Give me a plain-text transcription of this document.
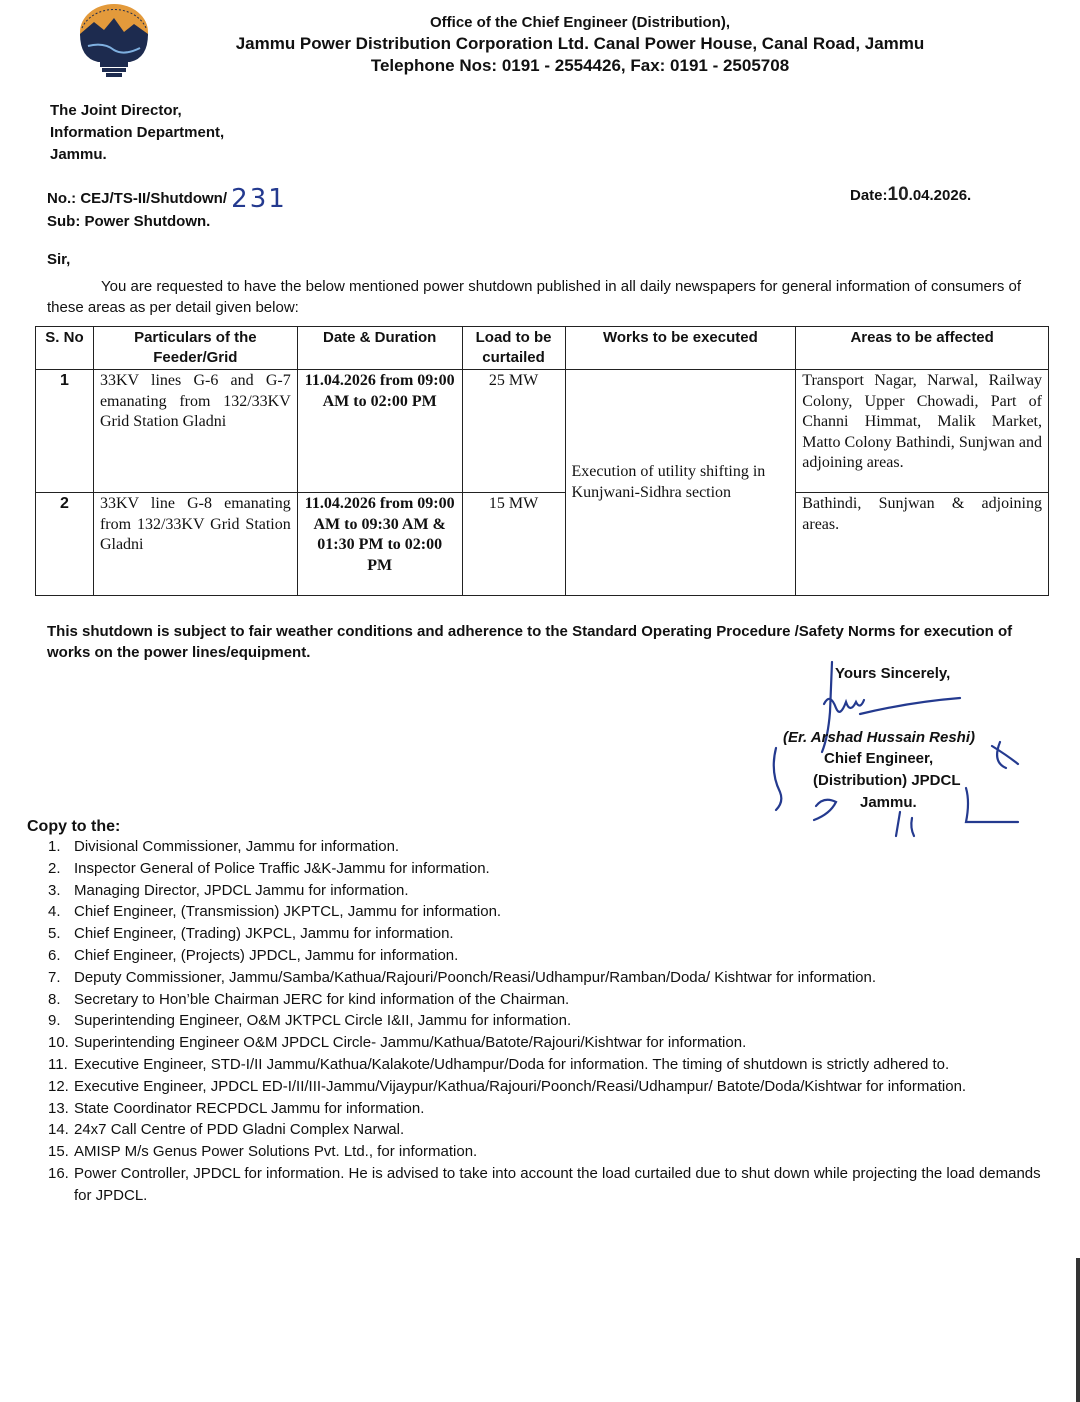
Office of the Chief Engineer (Distribution),
Jammu Power Distribution Corporation Ltd. Canal Power House, Canal Road, Jammu
Telephone Nos: 0191 - 2554426, Fax: 0191 - 2505708
The Joint Director,
Information Department,
Jammu.
No.: CEJ/TS-II/Shutdown/ 231	Date:10.04.2026.
Sub: Power Shutdown.
Sir,
You are requested to have the below mentioned power shutdown published in all daily newspapers for general information of consumers of these areas as per detail given below:
S. No	Particulars of the Feeder/Grid	Date & Duration	Load to be curtailed	Works to be executed	Areas to be affected
1	33KV lines G-6 and G-7 emanating from 132/33KV Grid Station Gladni	11.04.2026 from 09:00 AM to 02:00 PM	25 MW	Execution of utility shifting in Kunjwani-Sidhra section	Transport Nagar, Narwal, Railway Colony, Upper Chowadi, Part of Channi Himmat, Malik Market, Matto Colony Bathindi, Sunjwan and adjoining areas.
2	33KV line G-8 emanating from 132/33KV Grid Station Gladni	11.04.2026 from 09:00 AM to 09:30 AM & 01:30 PM to 02:00 PM	15 MW		Bathindi, Sunjwan & adjoining areas.
This shutdown is subject to fair weather conditions and adherence to the Standard Operating Procedure /Safety Norms for execution of works on the power lines/equipment.
Yours Sincerely,
(Er. Arshad Hussain Reshi)
Chief Engineer,
(Distribution) JPDCL
Jammu.
Copy to the:
1. Divisional Commissioner, Jammu for information.
2. Inspector General of Police Traffic J&K-Jammu for information.
3. Managing Director, JPDCL Jammu for information.
4. Chief Engineer, (Transmission) JKPTCL, Jammu for information.
5. Chief Engineer, (Trading) JKPCL, Jammu for information.
6. Chief Engineer, (Projects) JPDCL, Jammu for information.
7. Deputy Commissioner, Jammu/Samba/Kathua/Rajouri/Poonch/Reasi/Udhampur/Ramban/Doda/ Kishtwar for information.
8. Secretary to Hon’ble Chairman JERC for kind information of the Chairman.
9. Superintending Engineer, O&M JKTPCL Circle I&II, Jammu for information.
10. Superintending Engineer O&M JPDCL Circle- Jammu/Kathua/Batote/Rajouri/Kishtwar for information.
11. Executive Engineer, STD-I/II Jammu/Kathua/Kalakote/Udhampur/Doda for information. The timing of shutdown is strictly adhered to.
12. Executive Engineer, JPDCL ED-I/II/III-Jammu/Vijaypur/Kathua/Rajouri/Poonch/Reasi/Udhampur/ Batote/Doda/Kishtwar for information.
13. State Coordinator RECPDCL Jammu for information.
14. 24x7 Call Centre of PDD Gladni Complex Narwal.
15. AMISP M/s Genus Power Solutions Pvt. Ltd., for information.
16. Power Controller, JPDCL for information. He is advised to take into account the load curtailed due to shut down while projecting the load demands for JPDCL.
